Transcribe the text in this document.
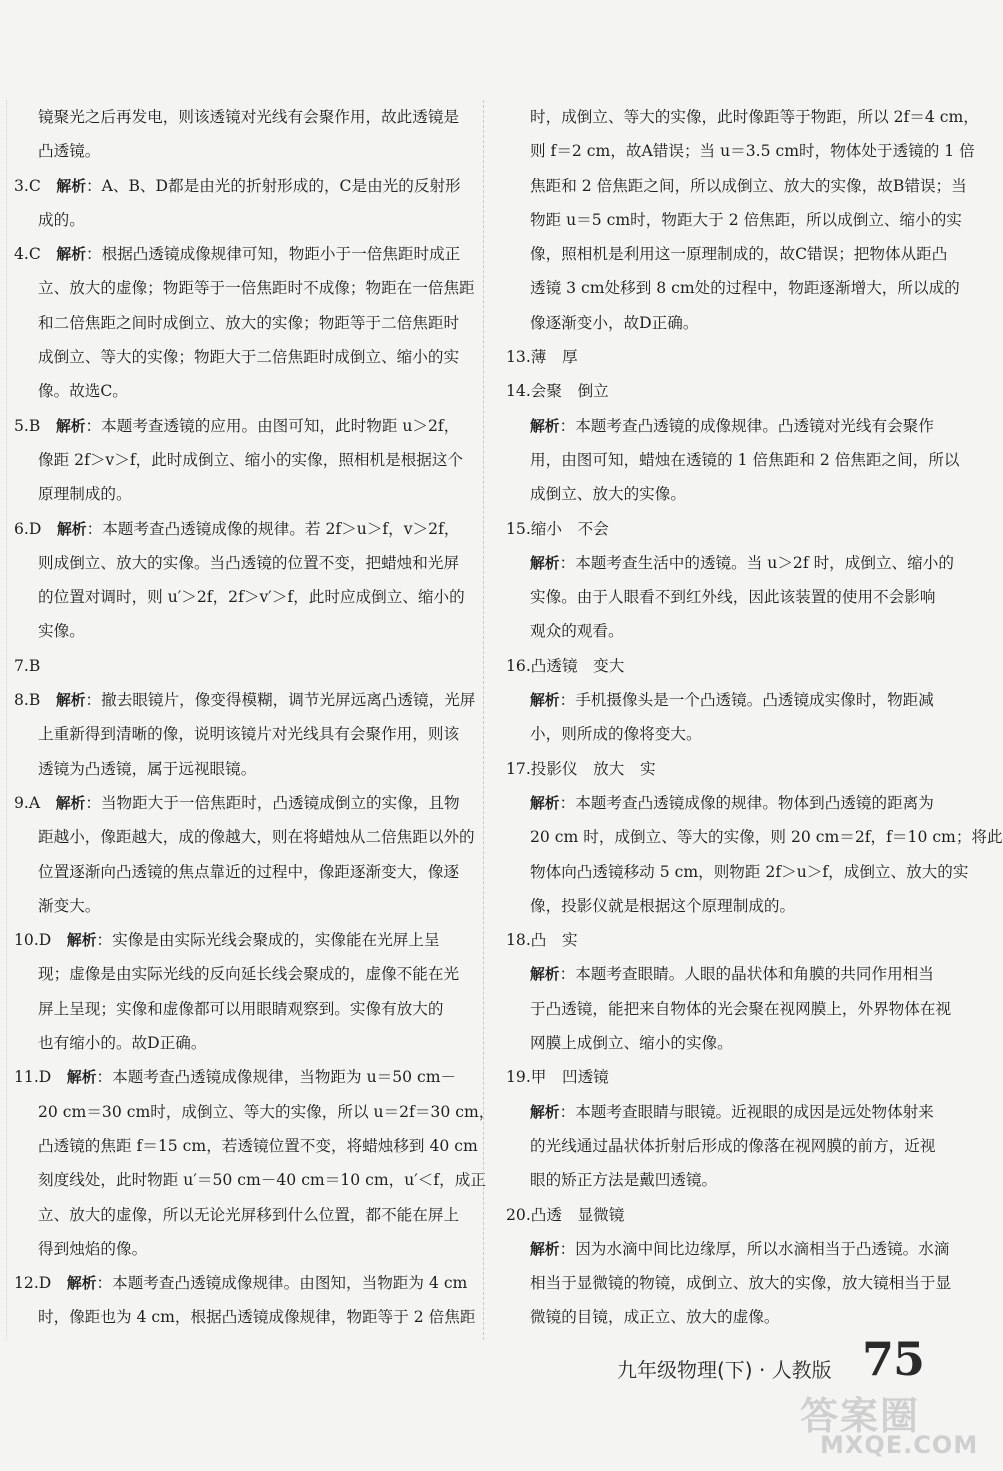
镜聚光之后再发电，则该透镜对光线有会聚作用，故此透镜是
凸透镜。
3.C　解析：A、B、D都是由光的折射形成的，C是由光的反射形
成的。
4.C　解析：根据凸透镜成像规律可知，物距小于一倍焦距时成正
立、放大的虚像；物距等于一倍焦距时不成像；物距在一倍焦距
和二倍焦距之间时成倒立、放大的实像；物距等于二倍焦距时
成倒立、等大的实像；物距大于二倍焦距时成倒立、缩小的实
像。故选C。
5.B　解析：本题考查透镜的应用。由图可知，此时物距 u＞2f，
像距 2f＞v＞f，此时成倒立、缩小的实像，照相机是根据这个
原理制成的。
6.D　解析：本题考查凸透镜成像的规律。若 2f＞u＞f，v＞2f，
则成倒立、放大的实像。当凸透镜的位置不变，把蜡烛和光屏
的位置对调时，则 u′＞2f，2f＞v′＞f，此时应成倒立、缩小的
实像。
7.B
8.B　解析：撤去眼镜片，像变得模糊，调节光屏远离凸透镜，光屏
上重新得到清晰的像，说明该镜片对光线具有会聚作用，则该
透镜为凸透镜，属于远视眼镜。
9.A　解析：当物距大于一倍焦距时，凸透镜成倒立的实像，且物
距越小，像距越大，成的像越大，则在将蜡烛从二倍焦距以外的
位置逐渐向凸透镜的焦点靠近的过程中，像距逐渐变大，像逐
渐变大。
10.D　解析：实像是由实际光线会聚成的，实像能在光屏上呈
现；虚像是由实际光线的反向延长线会聚成的，虚像不能在光
屏上呈现；实像和虚像都可以用眼睛观察到。实像有放大的
也有缩小的。故D正确。
11.D　解析：本题考查凸透镜成像规律，当物距为 u＝50 cm－
20 cm＝30 cm时，成倒立、等大的实像，所以 u＝2f＝30 cm，
凸透镜的焦距 f＝15 cm，若透镜位置不变，将蜡烛移到 40 cm
刻度线处，此时物距 u′＝50 cm－40 cm＝10 cm，u′＜f，成正
立、放大的虚像，所以无论光屏移到什么位置，都不能在屏上
得到烛焰的像。
12.D　解析：本题考查凸透镜成像规律。由图知，当物距为 4 cm
时，像距也为 4 cm，根据凸透镜成像规律，物距等于 2 倍焦距
时，成倒立、等大的实像，此时像距等于物距，所以 2f＝4 cm，
则 f＝2 cm，故A错误；当 u＝3.5 cm时，物体处于透镜的 1 倍
焦距和 2 倍焦距之间，所以成倒立、放大的实像，故B错误；当
物距 u＝5 cm时，物距大于 2 倍焦距，所以成倒立、缩小的实
像，照相机是利用这一原理制成的，故C错误；把物体从距凸
透镜 3 cm处移到 8 cm处的过程中，物距逐渐增大，所以成的
像逐渐变小，故D正确。
13.薄　厚
14.会聚　倒立
解析：本题考查凸透镜的成像规律。凸透镜对光线有会聚作
用，由图可知，蜡烛在透镜的 1 倍焦距和 2 倍焦距之间，所以
成倒立、放大的实像。
15.缩小　不会
解析：本题考查生活中的透镜。当 u＞2f 时，成倒立、缩小的
实像。由于人眼看不到红外线，因此该装置的使用不会影响
观众的观看。
16.凸透镜　变大
解析：手机摄像头是一个凸透镜。凸透镜成实像时，物距减
小，则所成的像将变大。
17.投影仪　放大　实
解析：本题考查凸透镜成像的规律。物体到凸透镜的距离为
20 cm 时，成倒立、等大的实像，则 20 cm＝2f，f＝10 cm；将此
物体向凸透镜移动 5 cm，则物距 2f＞u＞f，成倒立、放大的实
像，投影仪就是根据这个原理制成的。
18.凸　实
解析：本题考查眼睛。人眼的晶状体和角膜的共同作用相当
于凸透镜，能把来自物体的光会聚在视网膜上，外界物体在视
网膜上成倒立、缩小的实像。
19.甲　凹透镜
解析：本题考查眼睛与眼镜。近视眼的成因是远处物体射来
的光线通过晶状体折射后形成的像落在视网膜的前方，近视
眼的矫正方法是戴凹透镜。
20.凸透　显微镜
解析：因为水滴中间比边缘厚，所以水滴相当于凸透镜。水滴
相当于显微镜的物镜，成倒立、放大的实像，放大镜相当于显
微镜的目镜，成正立、放大的虚像。
九年级物理(下) · 人教版 75
答案圈
MXQE.COM
